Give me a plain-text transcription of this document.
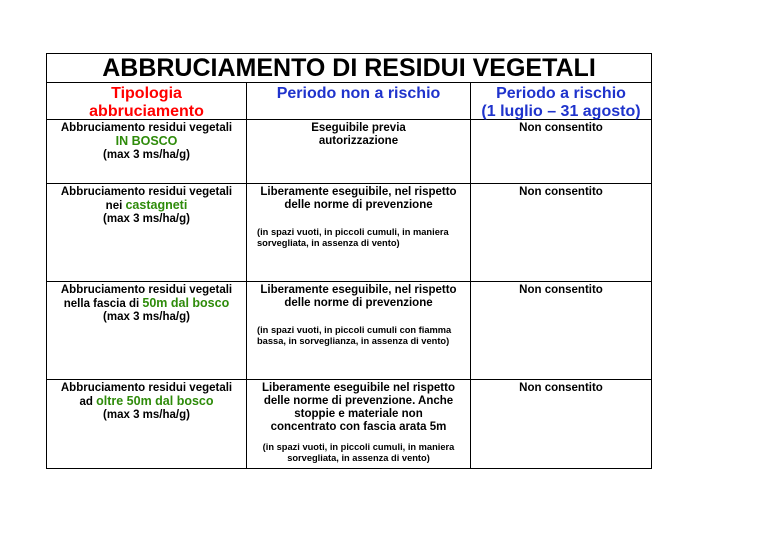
ABBRUCIAMENTO DI RESIDUI VEGETALI
Tipologia
abbruciamento
Periodo non a rischio	Periodo a rischio
(1 luglio – 31 agosto)
Abbruciamento residui vegetali
IN BOSCO
(max 3 ms/ha/g)
Eseguibile previa autorizzazione
Non consentito
Abbruciamento residui vegetali
nei castagneti
(max 3 ms/ha/g)
Liberamente eseguibile, nel rispetto delle norme di prevenzione
(in spazi vuoti, in piccoli cumuli, in maniera sorvegliata, in assenza di vento)
Non consentito
Abbruciamento residui vegetali
nella fascia di 50m dal bosco
(max 3 ms/ha/g)
Liberamente eseguibile, nel rispetto delle norme di prevenzione
(in spazi vuoti, in piccoli cumuli con fiamma bassa, in sorveglianza, in assenza di vento)
Non consentito
Abbruciamento residui vegetali
ad oltre 50m dal bosco
(max 3 ms/ha/g)
Liberamente eseguibile nel rispetto delle norme di prevenzione. Anche stoppie e materiale non concentrato con fascia arata 5m
(in spazi vuoti, in piccoli cumuli, in maniera sorvegliata, in assenza di vento)
Non consentito
